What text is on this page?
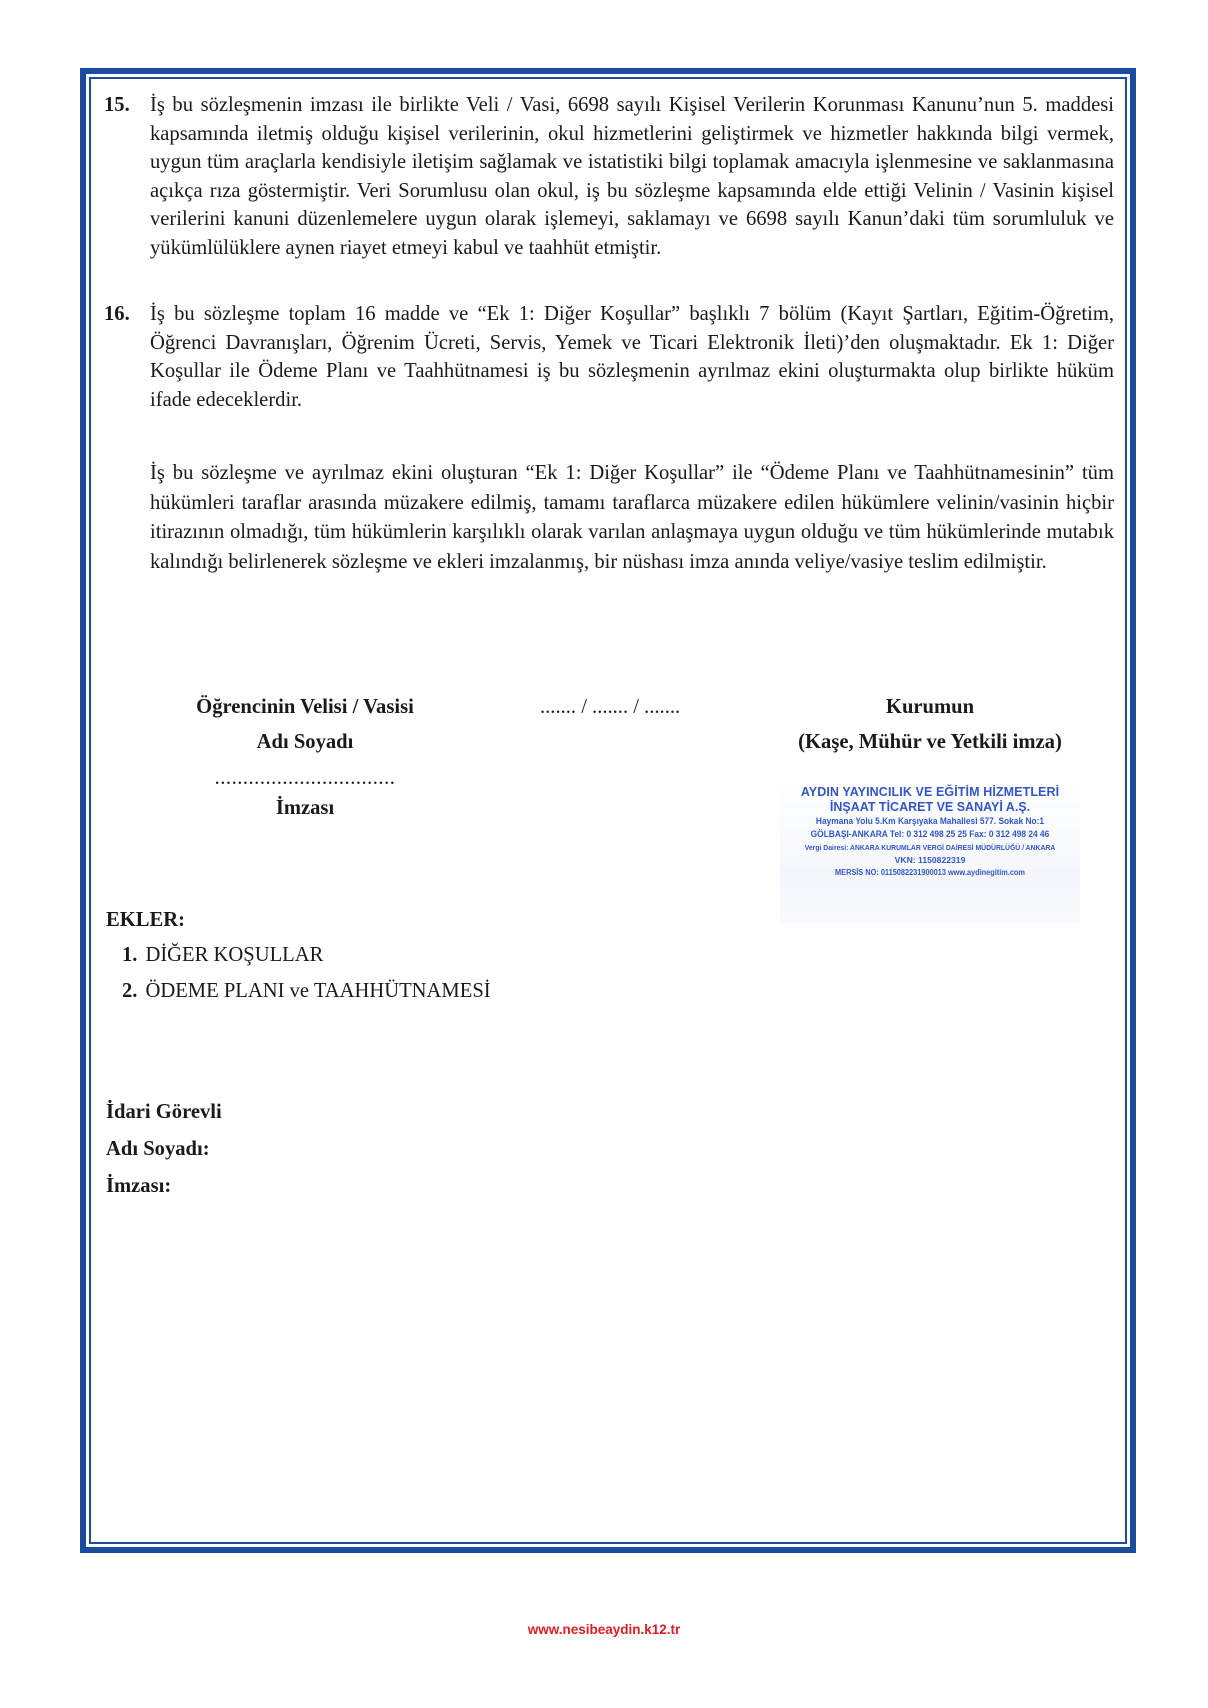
15. İş bu sözleşmenin imzası ile birlikte Veli / Vasi, 6698 sayılı Kişisel Verilerin Korunması Kanunu’nun 5. maddesi kapsamında iletmiş olduğu kişisel verilerinin, okul hizmetlerini geliştirmek ve hizmetler hakkında bilgi vermek, uygun tüm araçlarla kendisiyle iletişim sağlamak ve istatistiki bilgi toplamak amacıyla işlenmesine ve saklanmasına açıkça rıza göstermiştir. Veri Sorumlusu olan okul, iş bu sözleşme kapsamında elde ettiği Velinin / Vasinin kişisel verilerini kanuni düzenlemelere uygun olarak işlemeyi, saklamayı ve 6698 sayılı Kanun’daki tüm sorumluluk ve yükümlülüklere aynen riayet etmeyi kabul ve taahhüt etmiştir.
16. İş bu sözleşme toplam 16 madde ve “Ek 1: Diğer Koşullar” başlıklı 7 bölüm (Kayıt Şartları, Eğitim-Öğretim, Öğrenci Davranışları, Öğrenim Ücreti, Servis, Yemek ve Ticari Elektronik İleti)’den oluşmaktadır. Ek 1: Diğer Koşullar ile Ödeme Planı ve Taahhütnamesi iş bu sözleşmenin ayrılmaz ekini oluşturmakta olup birlikte hüküm ifade edeceklerdir.
İş bu sözleşme ve ayrılmaz ekini oluşturan “Ek 1: Diğer Koşullar” ile “Ödeme Planı ve Taahhütnamesinin” tüm hükümleri taraflar arasında müzakere edilmiş, tamamı taraflarca müzakere edilen hükümlere velinin/vasinin hiçbir itirazının olmadığı, tüm hükümlerin karşılıklı olarak varılan anlaşmaya uygun olduğu ve tüm hükümlerinde mutabık kalındığı belirlenerek sözleşme ve ekleri imzalanmış, bir nüshası imza anında veliye/vasiye teslim edilmiştir.
Öğrencinin Velisi / Vasisi
Adı Soyadı
................................
İmzası
....... / ....... / .......	Kurumun
(Kaşe, Mühür ve Yetkili imza)
AYDIN YAYINCILIK VE EĞİTİM HİZMETLERİ
İNŞAAT TİCARET VE SANAYİ A.Ş.
Haymana Yolu 5.Km Karşıyaka Mahallesi 577. Sokak No:1
GÖLBAŞI-ANKARA Tel: 0 312 498 25 25 Fax: 0 312 498 24 46
Vergi Dairesi: ANKARA KURUMLAR VERGİ DAİRESİ MÜDÜRLÜĞÜ / ANKARA
VKN: 1150822319
MERSİS NO: 0115082231900013 www.aydinegitim.com
EKLER:
1. DİĞER KOŞULLAR
2. ÖDEME PLANI ve TAAHHÜTNAMESİ
İdari Görevli
Adı Soyadı:
İmzası:
www.nesibeaydin.k12.tr
